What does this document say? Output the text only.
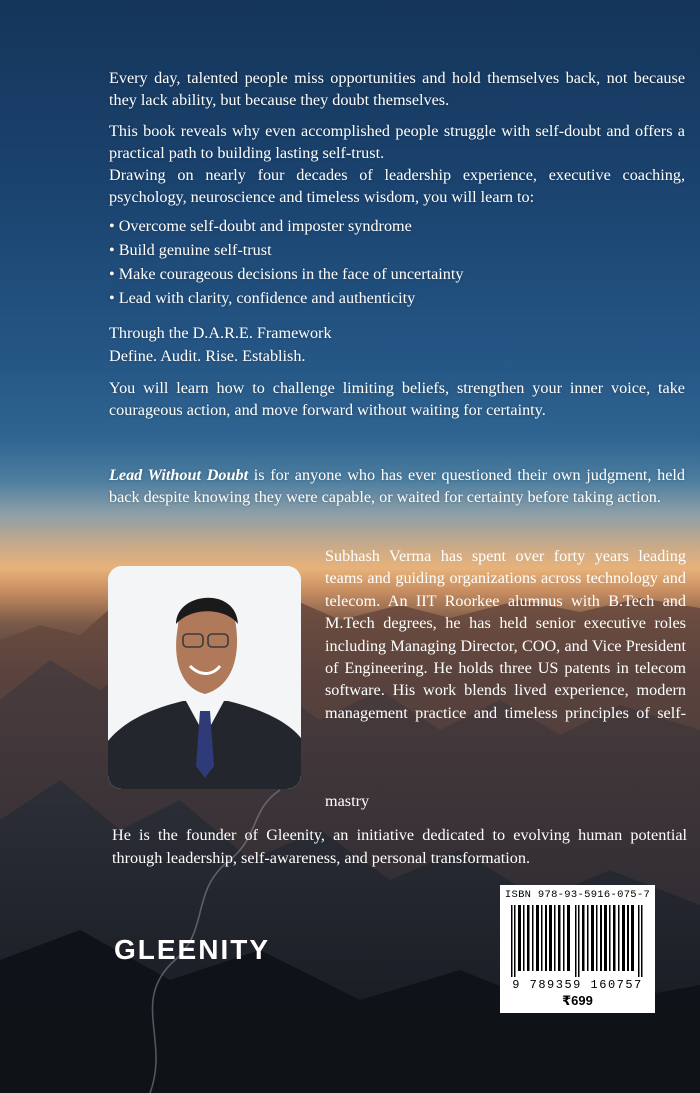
Every day, talented people miss opportunities and hold themselves back, not because they lack ability, but because they doubt themselves.

This book reveals why even accomplished people struggle with self-doubt and offers a practical path to building lasting self-trust.

Drawing on nearly four decades of leadership experience, executive coaching, psychology, neuroscience and timeless wisdom, you will learn to:

• Overcome self-doubt and imposter syndrome
• Build genuine self-trust
• Make courageous decisions in the face of uncertainty
• Lead with clarity, confidence and authenticity

Through the D.A.R.E. Framework

Define. Audit. Rise. Establish.

You will learn how to challenge limiting beliefs, strengthen your inner voice, take courageous action, and move forward without waiting for certainty.

Lead Without Doubt is for anyone who has ever questioned their own judgment, held back despite knowing they were capable, or waited for certainty before taking action.

Subhash Verma has spent over forty years leading teams and guiding organizations across technology and telecom. An IIT Roorkee alumnus with B.Tech and M.Tech degrees, he has held senior executive roles including Managing Director, COO, and Vice President of Engineering. He holds three US patents in telecom software. His work blends lived experience, modern management practice and timeless principles of self-

mastry

He is the founder of Gleenity, an initiative dedicated to evolving human potential through leadership, self-awareness, and personal transformation.

GLEENITY
ISBN 978-93-5916-075-7
9 789359 160757
₹699
